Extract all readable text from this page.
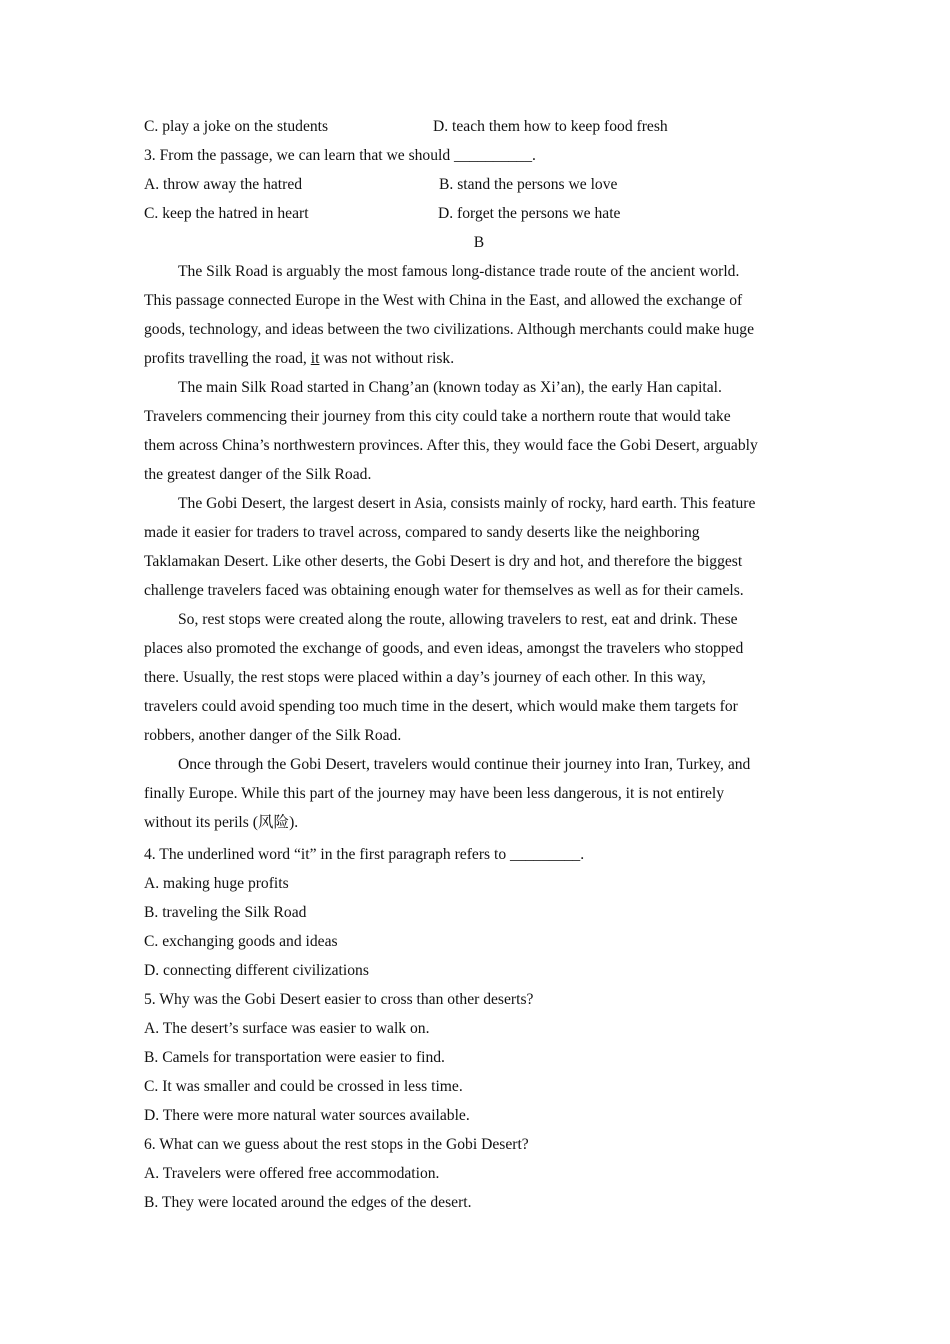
C. play a joke on the students	D. teach them how to keep food fresh
3. From the passage, we can learn that we should __________.
A. throw away the hatred	B. stand the persons we love
C. keep the hatred in heart	D. forget the persons we hate
B
The Silk Road is arguably the most famous long-distance trade route of the ancient world.
This passage connected Europe in the West with China in the East, and allowed the exchange of
goods, technology, and ideas between the two civilizations. Although merchants could make huge
profits travelling the road, it was not without risk.
The main Silk Road started in Chang’an (known today as Xi’an), the early Han capital.
Travelers commencing their journey from this city could take a northern route that would take
them across China’s northwestern provinces. After this, they would face the Gobi Desert, arguably
the greatest danger of the Silk Road.
The Gobi Desert, the largest desert in Asia, consists mainly of rocky, hard earth. This feature
made it easier for traders to travel across, compared to sandy deserts like the neighboring
Taklamakan Desert. Like other deserts, the Gobi Desert is dry and hot, and therefore the biggest
challenge travelers faced was obtaining enough water for themselves as well as for their camels.
So, rest stops were created along the route, allowing travelers to rest, eat and drink. These
places also promoted the exchange of goods, and even ideas, amongst the travelers who stopped
there. Usually, the rest stops were placed within a day’s journey of each other. In this way,
travelers could avoid spending too much time in the desert, which would make them targets for
robbers, another danger of the Silk Road.
Once through the Gobi Desert, travelers would continue their journey into Iran, Turkey, and
finally Europe. While this part of the journey may have been less dangerous, it is not entirely
without its perils (风险).
4. The underlined word “it” in the first paragraph refers to _________.
A. making huge profits
B. traveling the Silk Road
C. exchanging goods and ideas
D. connecting different civilizations
5. Why was the Gobi Desert easier to cross than other deserts?
A. The desert’s surface was easier to walk on.
B. Camels for transportation were easier to find.
C. It was smaller and could be crossed in less time.
D. There were more natural water sources available.
6. What can we guess about the rest stops in the Gobi Desert?
A. Travelers were offered free accommodation.
B. They were located around the edges of the desert.
